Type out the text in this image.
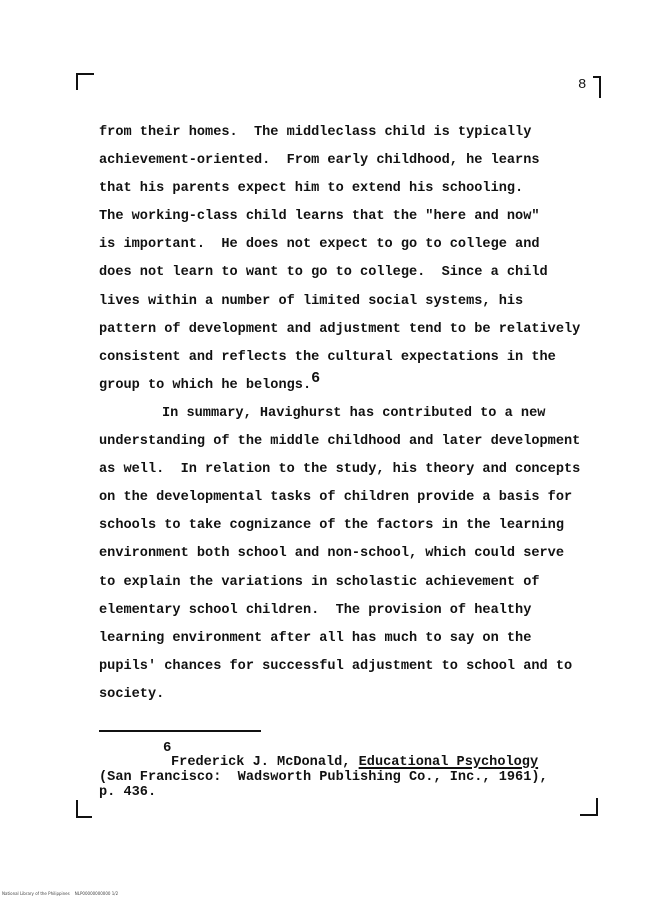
8
from their homes.  The middleclass child is typically
achievement-oriented.  From early childhood, he learns
that his parents expect him to extend his schooling.
The working-class child learns that the "here and now"
is important.  He does not expect to go to college and
does not learn to want to go to college.  Since a child
lives within a number of limited social systems, his
pattern of development and adjustment tend to be relatively
consistent and reflects the cultural expectations in the
group to which he belongs.$^6$
In summary, Havighurst has contributed to a new
understanding of the middle childhood and later development
as well.  In relation to the study, his theory and concepts
on the developmental tasks of children provide a basis for
schools to take cognizance of the factors in the learning
environment both school and non-school, which could serve
to explain the variations in scholastic achievement of
elementary school children.  The provision of healthy
learning environment after all has much to say on the
pupils' chances for successful adjustment to school and to
society.
6
Frederick J. McDonald, Educational Psychology
(San Francisco:  Wadsworth Publishing Co., Inc., 1961),
p. 436.
National Library of the Philippines    NLP00000000000 1/2
